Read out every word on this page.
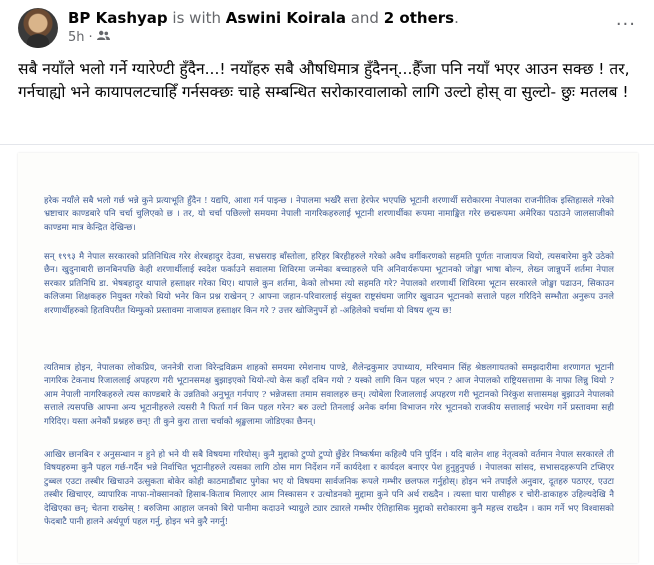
BP Kashyap is with Aswini Koirala and 2 others.
5h ·
···
सबै नयाँले भलो गर्ने ग्यारेण्टी हुँदैन...! नयाँहरु सबै औषधिमात्र हुँदैनन्...हैँजा पनि नयाँ भएर आउन सक्छ ! तर, गर्नचाह्यो भने कायापलटचाहिँ गर्नसक्छः चाहे सम्बन्धित सरोकारवालाको लागि उल्टो होस् वा सुल्टो- छुः मतलब !
हरेक नयाँले सबै भलो गर्छ भन्ने कुने प्रत्याभूति हुँदैन ! यद्यपि, आशा गर्न पाइन्छ । नेपालमा भर्खरै सत्ता हेरफेर भएपछि भूटानी शरणार्थी सरोकारमा नेपालका राजनीतिक इस्तिहासले गरेको भ्रष्टाचार काण्डबारे पनि चर्चा चुलिएको छ । तर, यो चर्चा पछिल्लो समयमा नेपाली नागरिकहरुलाई भूटानी शरणार्थीका रूपमा नामाङ्कित गरेर छद्मरूपमा अमेरिका पठाउने जालसाजीको काण्डमा मात्र केन्द्रित देखिन्छ।
सन् १९९३ मै नेपाल सरकारको प्रतिनिधित्व गरेर शेरबहादुर देउवा, सभ्रसराइ बाँस्तोला, हरिहर बिरहीहरुले गरेको अवैध वर्गीकरणको सहमति पूर्णतः नाजायज थियो, त्यसबारेमा कुरै उठेको छैन। खुदुनाबारी छानबिनपछि केही शरणार्थीलाई स्वदेश फर्काउने सवालमा शिविरमा जन्मेका बच्चाहरुले पनि अनिवार्यरूपमा भूटानको जोङ्खा भाषा बोल्न, लेख्न जान्नुपर्ने शर्तमा नेपाल सरकार प्रतिनिधि डा. भेषबहादुर थापाले हस्ताक्षर गरेका थिए। थापाले कुन शर्तमा, केको लोभमा त्यो सहमति गरे? नेपालको शरणार्थी शिविरमा भूटान सरकारले जोङ्खा पढाउन, सिकाउन कलिजमा शिक्षकहरु नियुक्त गरेको थियो भनेर किन प्रश्न राखेनन् ? आफ्ना जहान-परिवारलाई संयुक्त राष्ट्रसंघमा जागिर खुवाउन भूटानको सत्ताले पहल गरिदिने सम्भौता अनुरूप उनले शरणार्थीहरुको हितविपरीत थिम्फुको प्रस्तावमा नाजायज हस्ताक्षर किन गरे ? उत्तर खोजिनुपर्ने हो -अहिलेको चर्चामा यो विषय शून्य छ!
त्यतिमात्र होइन, नेपालका लोकप्रिय, जननेत्री राजा विरेन्द्रविक्रम शाहको समयमा रमेशनाथ पाण्डे, शैलेन्द्रकुमार उपाध्याय, मरिचमान सिंह श्रेष्ठलगायतको समझदारीमा शरणागत भूटानी नागरिक टेकनाथ रिजाललाई अपहरण गरी भूटानसमक्ष बुझाइएको थियो-त्यो केस कहाँ दबिन गयो ? यस्को लागि किन पहल भएन ? आज नेपालको राष्ट्रियसत्तामा के नाफा लिन्नु थियो ? आम नेपाली नागरिकहरुले त्यस काण्डबारे के उन्नतिको अनुभूत गर्नपाए ? भन्नेजस्ता तमाम सवालहरु छन्। त्योबेला रिजाललाई अपहरण गरी भूटानको निरंकुश सत्तासमक्ष बुझाउने नेपालको सत्ताले त्यसपछि आफ्ना अन्य भूटानीहरुले त्यसरी नै फिर्ता गर्न किन पहल गरेन? बरु उल्टो तिनलाई अनेक वर्गमा विभाजन गरेर भूटानको राजकीय सत्तालाई भरथेग गर्ने प्रस्तावमा सही गरिदिए। यस्ता अनेकौं प्रश्नहरु छन्! ती कुने कुरा तात्ता चर्चाको श्रृङ्खलामा जोडिएका छैनन्।
आखिर छानबिन र अनुसन्धान न हुने हो भने यी सबै विषयमा गरियोस्। कुनै मुद्दाको टुप्पो टुप्पो छुँडेर निष्कर्षमा कहिल्यै पनि पुर्दिन । यदि बालेन शाह नेतृत्वको वर्तमान नेपाल सरकारले ती विषयहरुमा कुनै पहल गर्छ-गर्दैन भन्ने निर्वाचित भूटानीहरुले त्यसका लागि ठोस माग निर्देशन गर्ने कार्यदेशा र कार्यदल बनाएर पेश हुनुहुनुपर्छ । नेपालका सांसद, सभासदहरूपनि टप्सिएर टुब्बल एउटा तस्बीर खिचाउने उत्सुकता बोकेर कोही काठमाडौंबाट पुगेका भए यो विषयमा सार्वजनिक रूपले गम्भीर छलफल गर्नुहोस्। होइन भने तपाईंले अनुवार, दूतहरु पठाएर, एउटा तस्बीर खिचाएर, व्यापारिक नाफा-नोक्सानको हिसाब-किताब मिलाएर आम निस्कासन र उत्थोडनको मुद्दामा कुने पनि अर्थ राख्दैन । त्यस्ता घारा पासीहरु र चोरी-डाकाहरु उहिल्यदेखि नै देखिएका छन्; चेतना राख्नेस् ! बरुजिमा आहाल जनको बिरो पानीमा कदाउने भ्याग्रुले ट्यार ट्यारले गम्भीर ऐतिहासिक मुद्दाको सरोकारमा कुनै महत्त्व राख्दैन । काम गर्ने भए विश्वासको फेदबाटै पानी हालने अर्थपूर्ण पहल गर्नु, होइन भने कुरै नगर्नु!
